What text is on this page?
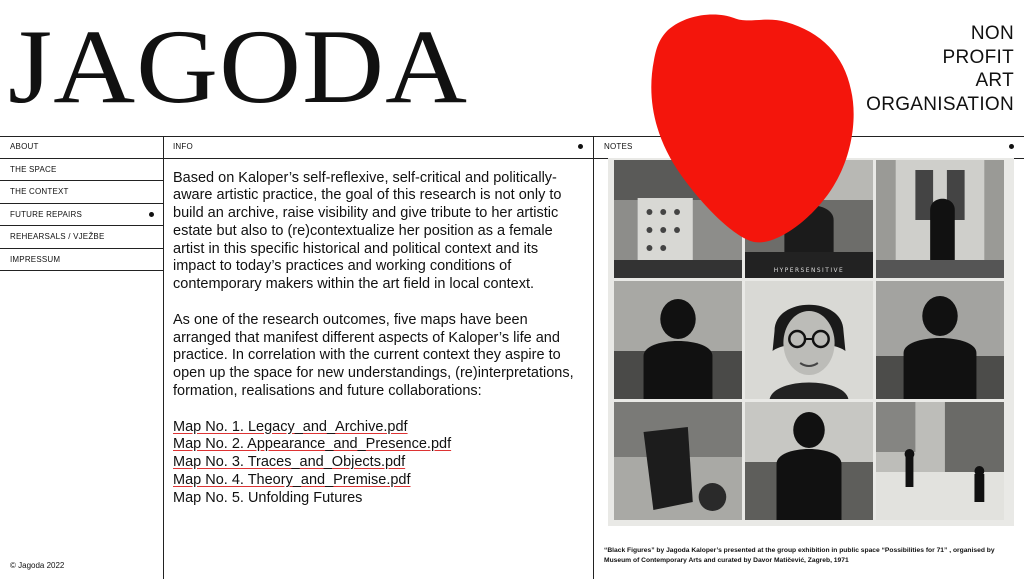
JAGODA	NON
PROFIT
ART
ORGANISATION
ABOUT
THE SPACE
THE CONTEXT
FUTURE REPAIRS
REHEARSALS / VJEŽBE
IMPRESSUM
© Jagoda 2022
INFO

Based on Kaloper’s self-reflexive, self-critical and politically-aware artistic practice, the goal of this research is not only to build an archive, raise visibility and give tribute to her artistic estate but also to (re)contextualize her position as a female artist in this specific historical and political context and its impact to today’s practices and working conditions of contemporary makers within the art field in local context.

As one of the research outcomes, five maps have been arranged that manifest different aspects of Kaloper’s life and practice. In correlation with the current context they aspire to open up the space for new understandings, (re)interpretations, formation, realisations and future collaborations:

Map No. 1. Legacy_and_Archive.pdf
Map No. 2. Appearance_and_Presence.pdf
Map No. 3. Traces_and_Objects.pdf
Map No. 4. Theory_and_Premise.pdf
Map No. 5. Unfolding Futures
NOTES
HYPERSENSITIVE
“Black Figures” by Jagoda Kaloper’s presented at the group exhibition in public space “Possibilities for 71” , organised by Museum of Contemporary Arts and curated by Davor Matičević, Zagreb, 1971
